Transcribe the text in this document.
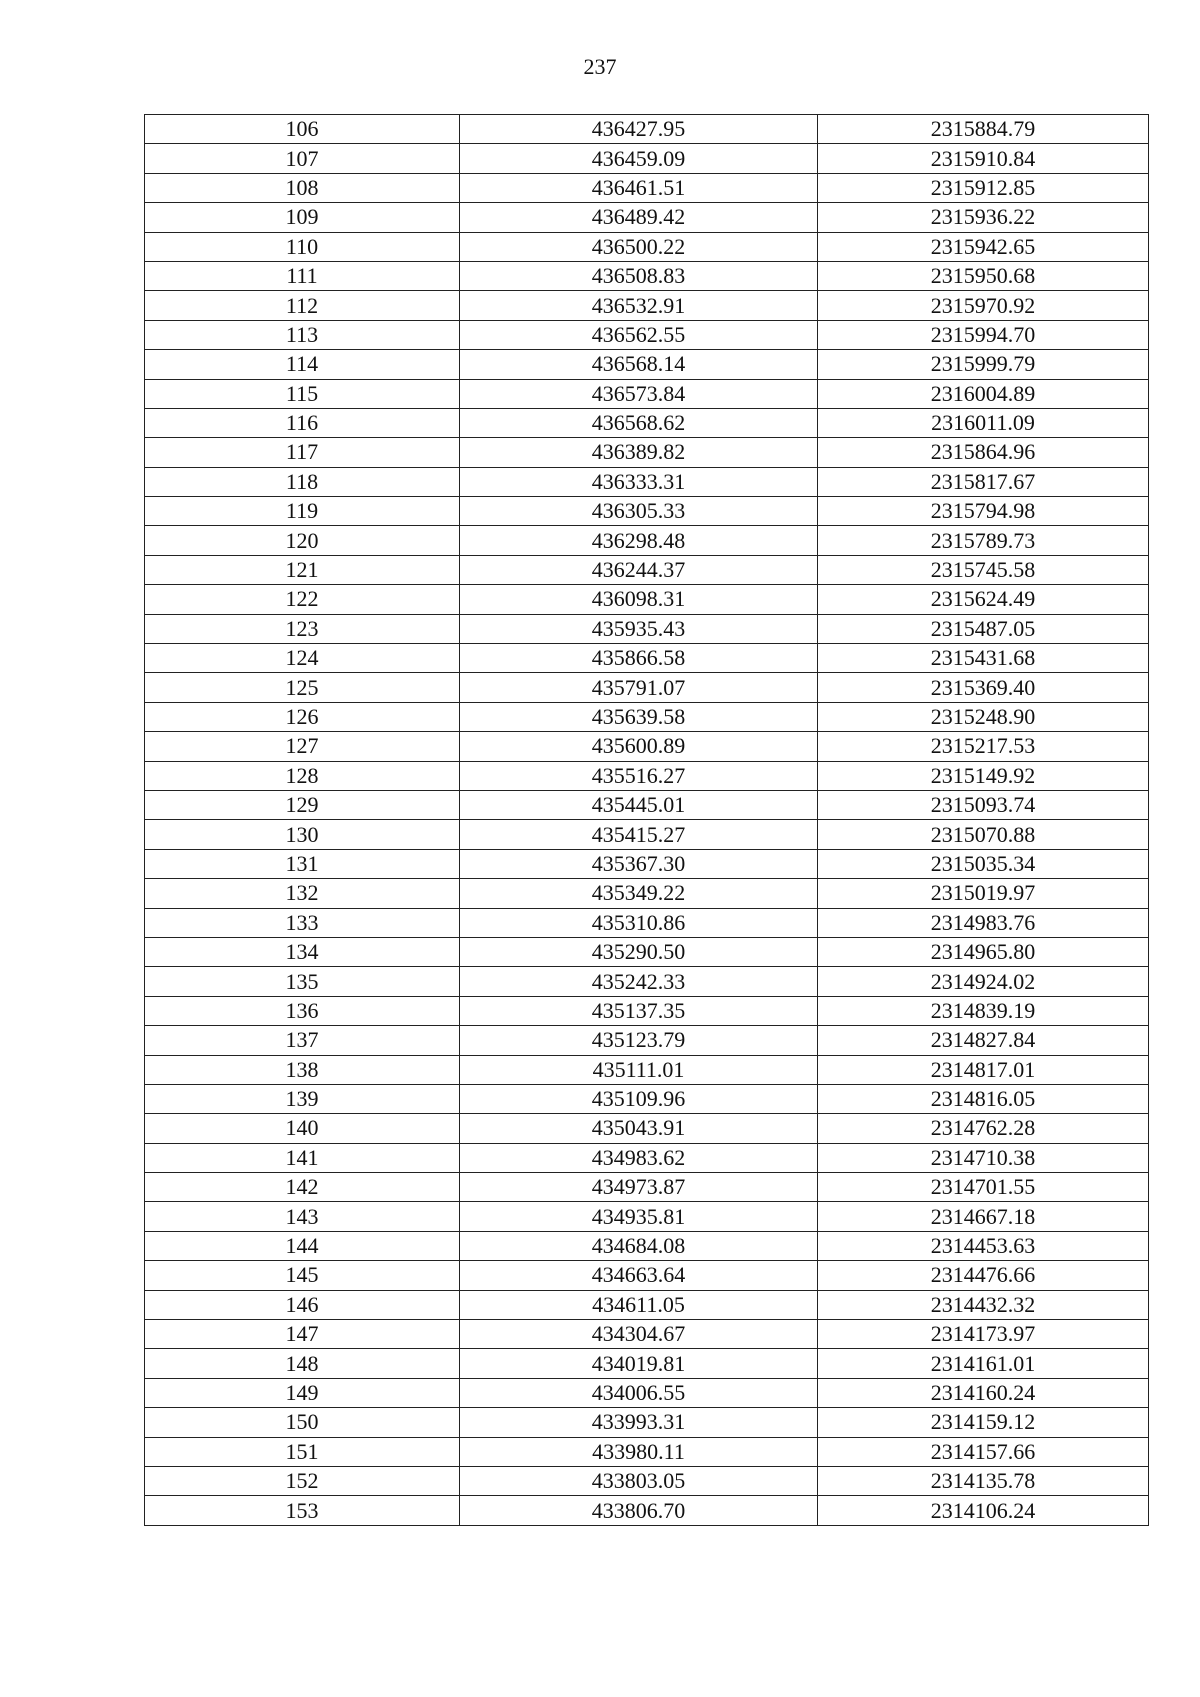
237
106	436427.95	2315884.79
107	436459.09	2315910.84
108	436461.51	2315912.85
109	436489.42	2315936.22
110	436500.22	2315942.65
111	436508.83	2315950.68
112	436532.91	2315970.92
113	436562.55	2315994.70
114	436568.14	2315999.79
115	436573.84	2316004.89
116	436568.62	2316011.09
117	436389.82	2315864.96
118	436333.31	2315817.67
119	436305.33	2315794.98
120	436298.48	2315789.73
121	436244.37	2315745.58
122	436098.31	2315624.49
123	435935.43	2315487.05
124	435866.58	2315431.68
125	435791.07	2315369.40
126	435639.58	2315248.90
127	435600.89	2315217.53
128	435516.27	2315149.92
129	435445.01	2315093.74
130	435415.27	2315070.88
131	435367.30	2315035.34
132	435349.22	2315019.97
133	435310.86	2314983.76
134	435290.50	2314965.80
135	435242.33	2314924.02
136	435137.35	2314839.19
137	435123.79	2314827.84
138	435111.01	2314817.01
139	435109.96	2314816.05
140	435043.91	2314762.28
141	434983.62	2314710.38
142	434973.87	2314701.55
143	434935.81	2314667.18
144	434684.08	2314453.63
145	434663.64	2314476.66
146	434611.05	2314432.32
147	434304.67	2314173.97
148	434019.81	2314161.01
149	434006.55	2314160.24
150	433993.31	2314159.12
151	433980.11	2314157.66
152	433803.05	2314135.78
153	433806.70	2314106.24
